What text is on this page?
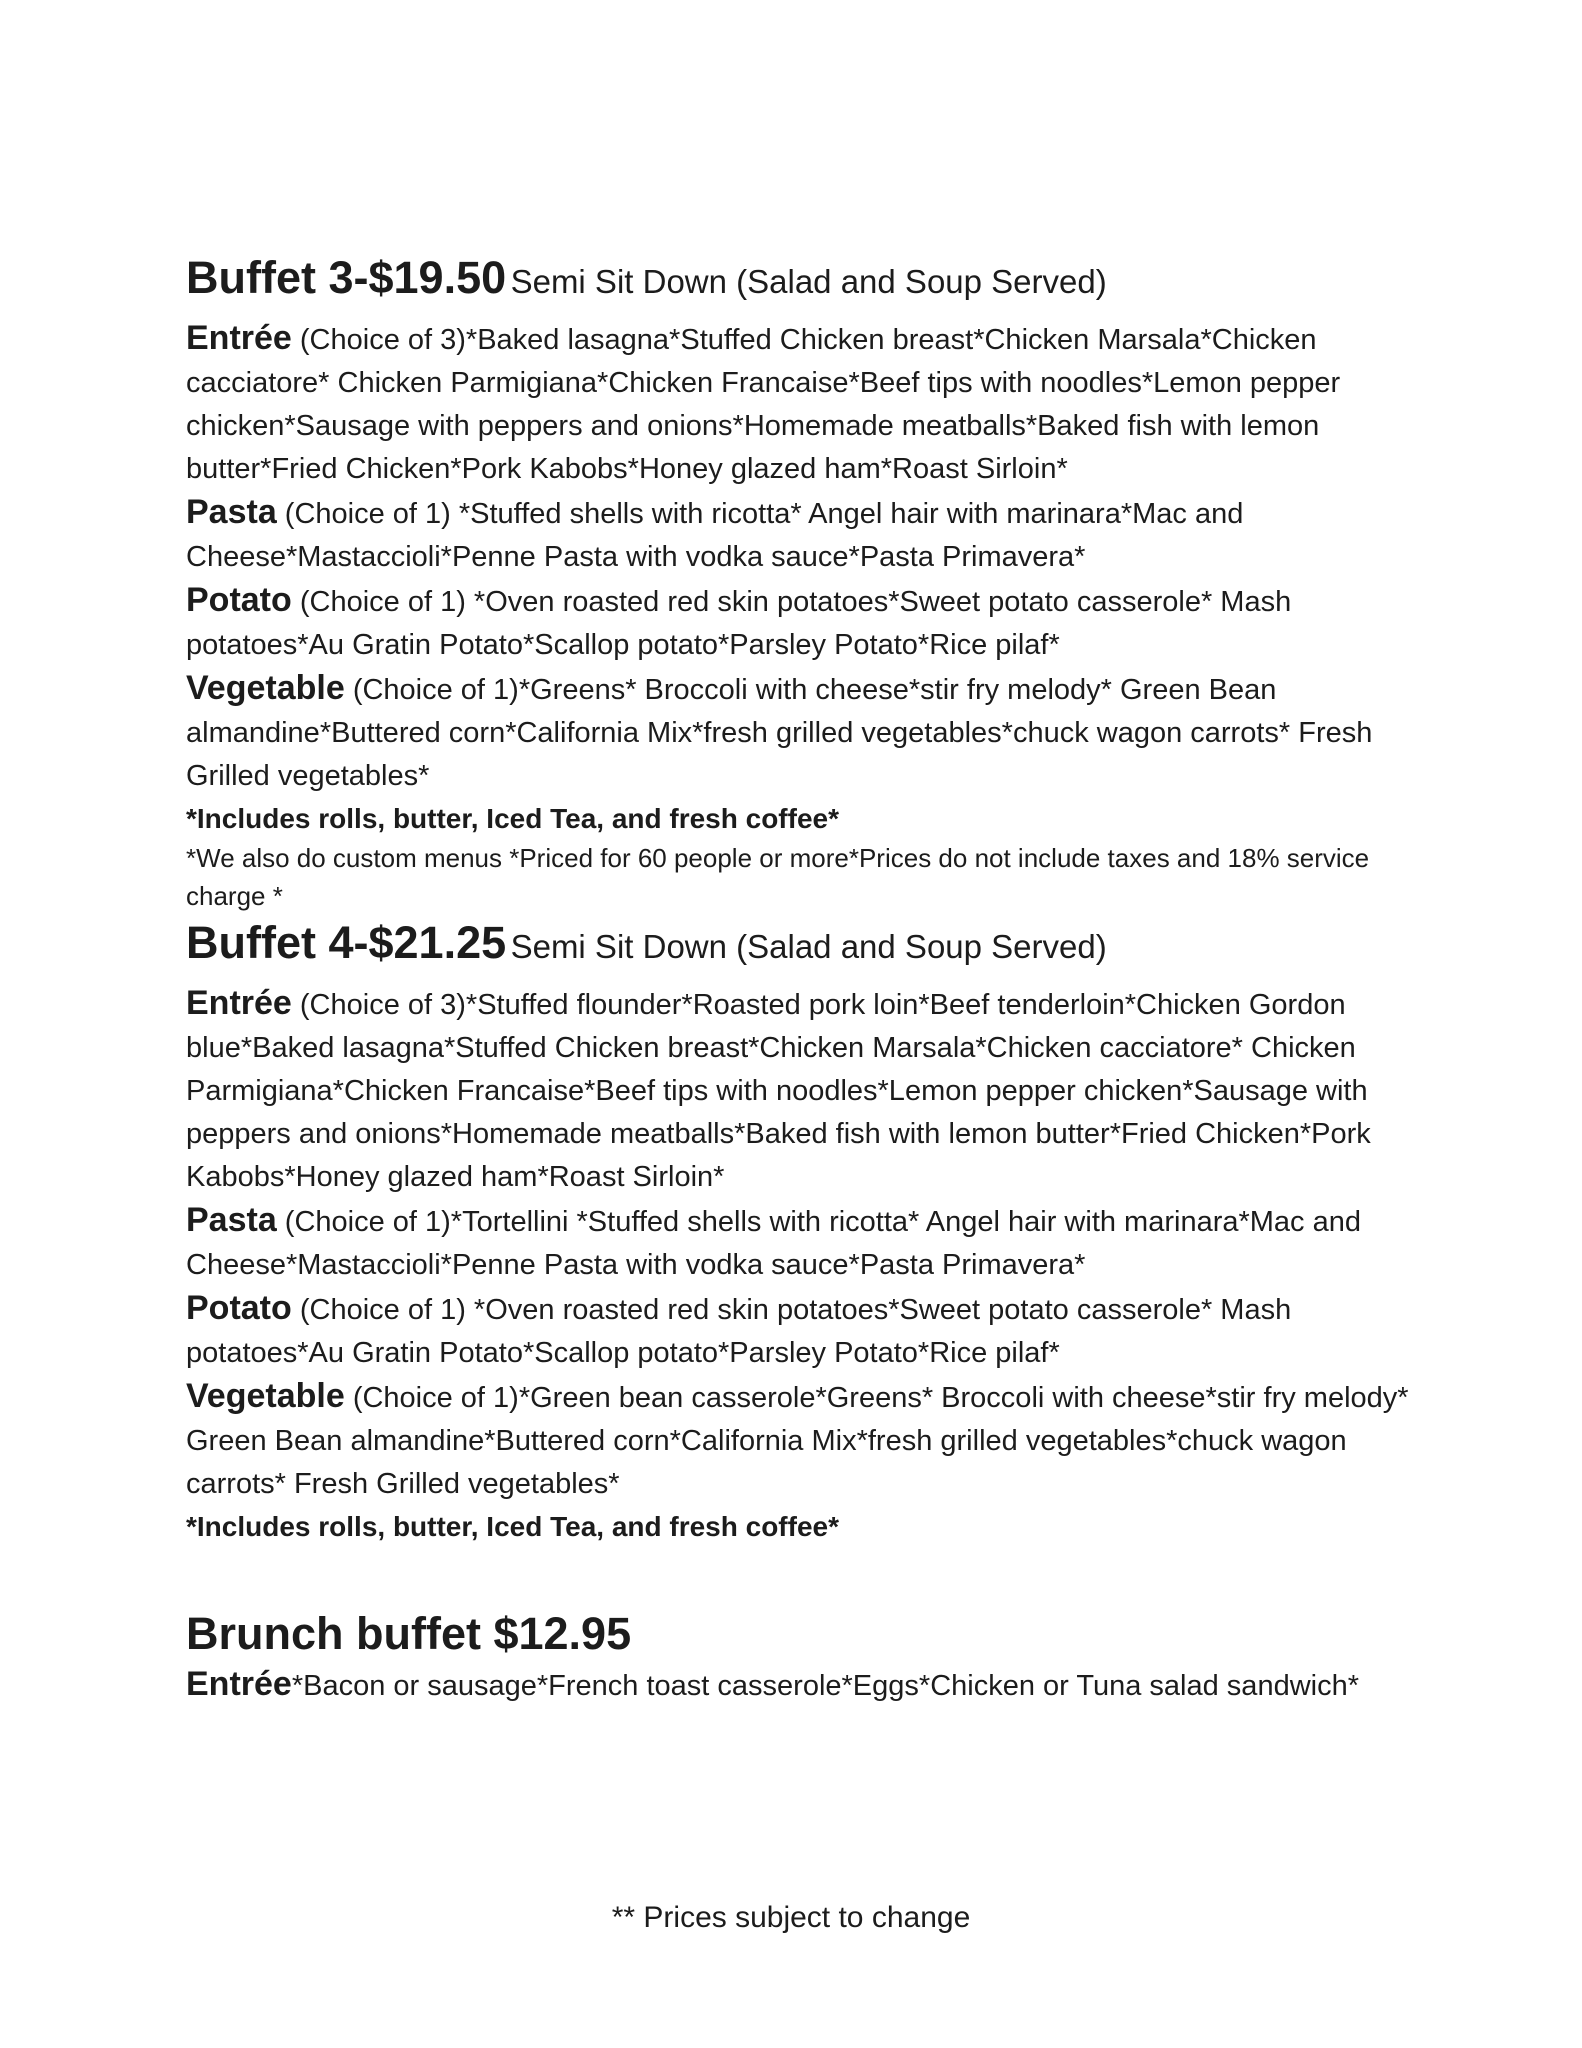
Buffet 3-$19.50 Semi Sit Down (Salad and Soup Served)

Entrée (Choice of 3)*Baked lasagna*Stuffed Chicken breast*Chicken Marsala*Chicken cacciatore* Chicken Parmigiana*Chicken Francaise*Beef tips with noodles*Lemon pepper chicken*Sausage with peppers and onions*Homemade meatballs*Baked fish with lemon butter*Fried Chicken*Pork Kabobs*Honey glazed ham*Roast Sirloin*

Pasta (Choice of 1) *Stuffed shells with ricotta* Angel hair with marinara*Mac and Cheese*Mastaccioli*Penne Pasta with vodka sauce*Pasta Primavera*

Potato (Choice of 1) *Oven roasted red skin potatoes*Sweet potato casserole* Mash potatoes*Au Gratin Potato*Scallop potato*Parsley Potato*Rice pilaf*

Vegetable (Choice of 1)*Greens* Broccoli with cheese*stir fry melody* Green Bean almandine*Buttered corn*California Mix*fresh grilled vegetables*chuck wagon carrots* Fresh Grilled vegetables*

*Includes rolls, butter, Iced Tea, and fresh coffee*

*We also do custom menus *Priced for 60 people or more*Prices do not include taxes and 18% service charge *

Buffet 4-$21.25 Semi Sit Down (Salad and Soup Served)

Entrée (Choice of 3)*Stuffed flounder*Roasted pork loin*Beef tenderloin*Chicken Gordon blue*Baked lasagna*Stuffed Chicken breast*Chicken Marsala*Chicken cacciatore* Chicken Parmigiana*Chicken Francaise*Beef tips with noodles*Lemon pepper chicken*Sausage with peppers and onions*Homemade meatballs*Baked fish with lemon butter*Fried Chicken*Pork Kabobs*Honey glazed ham*Roast Sirloin*

Pasta (Choice of 1)*Tortellini *Stuffed shells with ricotta* Angel hair with marinara*Mac and Cheese*Mastaccioli*Penne Pasta with vodka sauce*Pasta Primavera*

Potato (Choice of 1) *Oven roasted red skin potatoes*Sweet potato casserole* Mash potatoes*Au Gratin Potato*Scallop potato*Parsley Potato*Rice pilaf*

Vegetable (Choice of 1)*Green bean casserole*Greens* Broccoli with cheese*stir fry melody* Green Bean almandine*Buttered corn*California Mix*fresh grilled vegetables*chuck wagon carrots* Fresh Grilled vegetables*

*Includes rolls, butter, Iced Tea, and fresh coffee*

Brunch buffet $12.95

Entrée*Bacon or sausage*French toast casserole*Eggs*Chicken or Tuna salad sandwich*

** Prices subject to change
